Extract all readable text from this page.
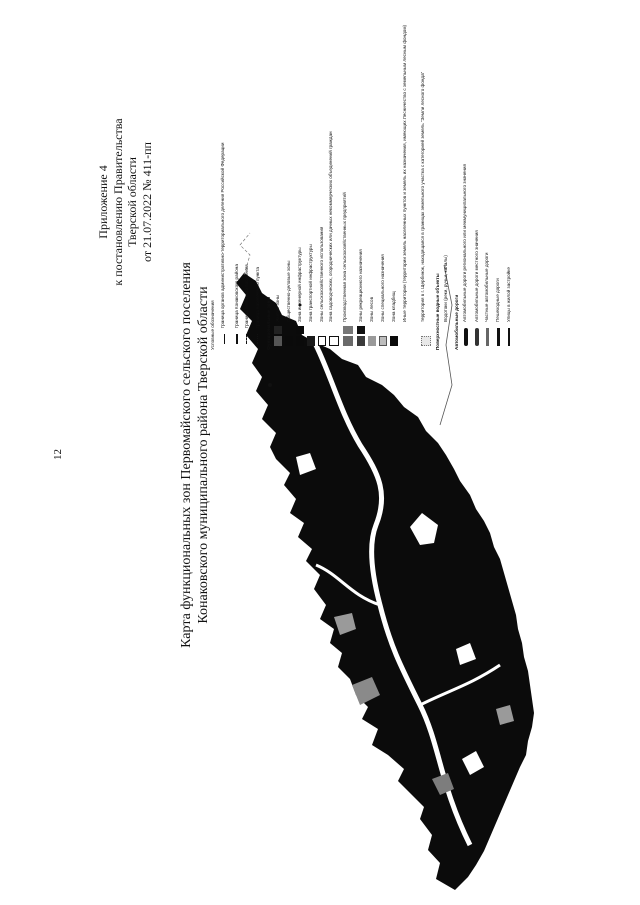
12
Приложение 4 к постановлению Правительства Тверской области от 21.07.2022 № 411-пп
Карта функциональных зон Первомайского сельского поселения Конаковского муниципального района Тверской области Условные обозначения Граница органов административно-территориального деления Российской Федерации Граница Конаковского района Граница сельского поселения Граница населённого пункта Функциональные зоны Жилые зоны Общественно-деловые зоны Зона инженерной инфраструктуры Зона транспортной инфраструктуры Зоны сельскохозяйственного использования Зона садоводческих, огороднических или дачных некоммерческих объединений граждан Производственная зона сельскохозяйственных предприятий Зоны рекреационного назначения Зоны лесов Зоны специального назначения Зона кладбищ Иные территории (территории земель населенных пунктов и земель их назначения, имеющих Лесничество с земельным лесным фондом)	территория в г. Щербинок, находящаяся в границах земельного участка с категорией земель "Земли лесного фонда" Поверхностные водные объекты Водотоки (реки, ручьи, каналы)
Автомобильные дороги
Автомобильные дороги регионального или межмуниципального значения Автомобильные дороги местного значения Частные автомобильные дороги Пешеходные дороги Улицы в жилой застройке
